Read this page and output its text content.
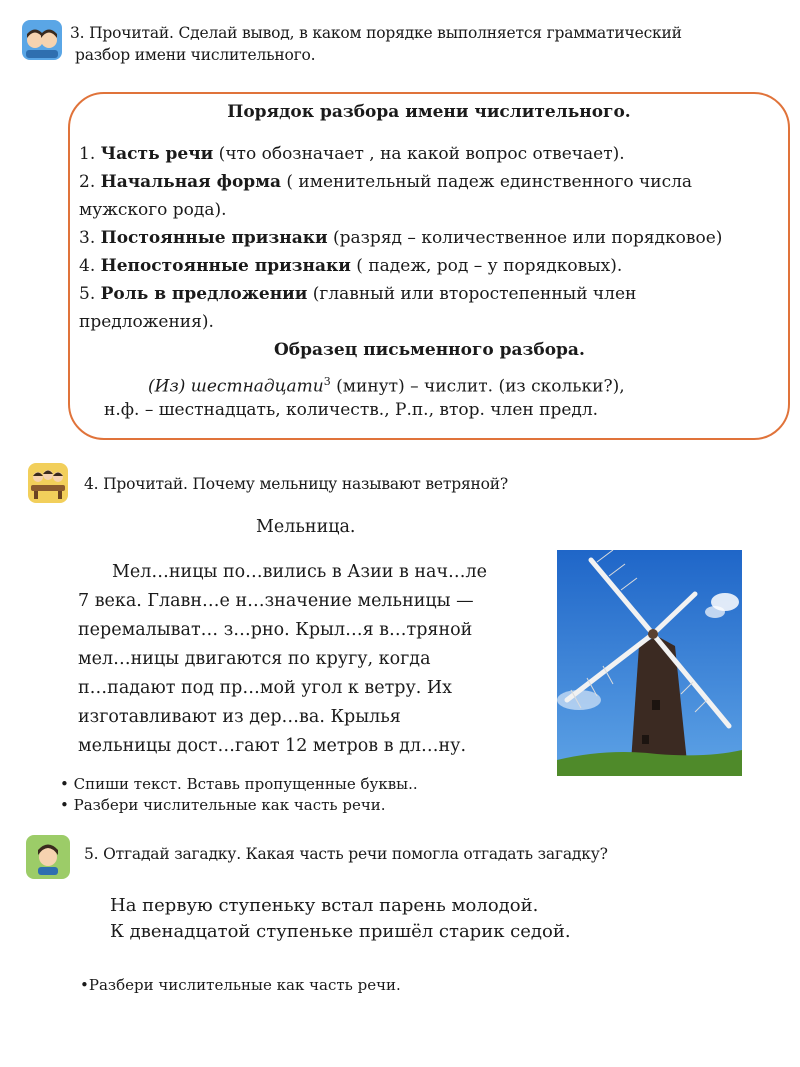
3. Прочитай. Сделай вывод, в каком порядке выполняется грамматический
разбор имени числительного.
Порядок разбора имени числительного.
1. Часть речи (что обозначает , на какой вопрос отвечает).
2. Начальная форма ( именительный падеж единственного числа
мужского рода).
3. Постоянные признаки (разряд – количественное или порядковое)
4. Непостоянные признаки ( падеж, род – у порядковых).
5. Роль в предложении (главный или второстепенный член
предложения).
Образец письменного разбора.
(Из) шестнадцати$^3$ (минут) – числит. (из скольки?),
н.ф. – шестнадцать, количеств., Р.п., втор. член предл.
4. Прочитай. Почему мельницу называют ветряной?
Мельница.
Мел…ницы по…вились в Азии в нач…ле
7 века. Главн…е н…значение мельницы —
перемалыват… з…рно. Крыл…я в…тряной
мел…ницы двигаются по кругу, когда
п…падают под пр…мой угол к ветру. Их
изготавливают из дер…ва. Крылья
мельницы дост…гают 12 метров в дл…ну.
• Спиши текст. Вставь пропущенные буквы..
• Разбери числительные как часть речи.
5. Отгадай загадку. Какая часть речи помогла отгадать загадку?
На первую ступеньку встал парень молодой.
К двенадцатой ступеньке пришёл старик седой.
•Разбери числительные как часть речи.
